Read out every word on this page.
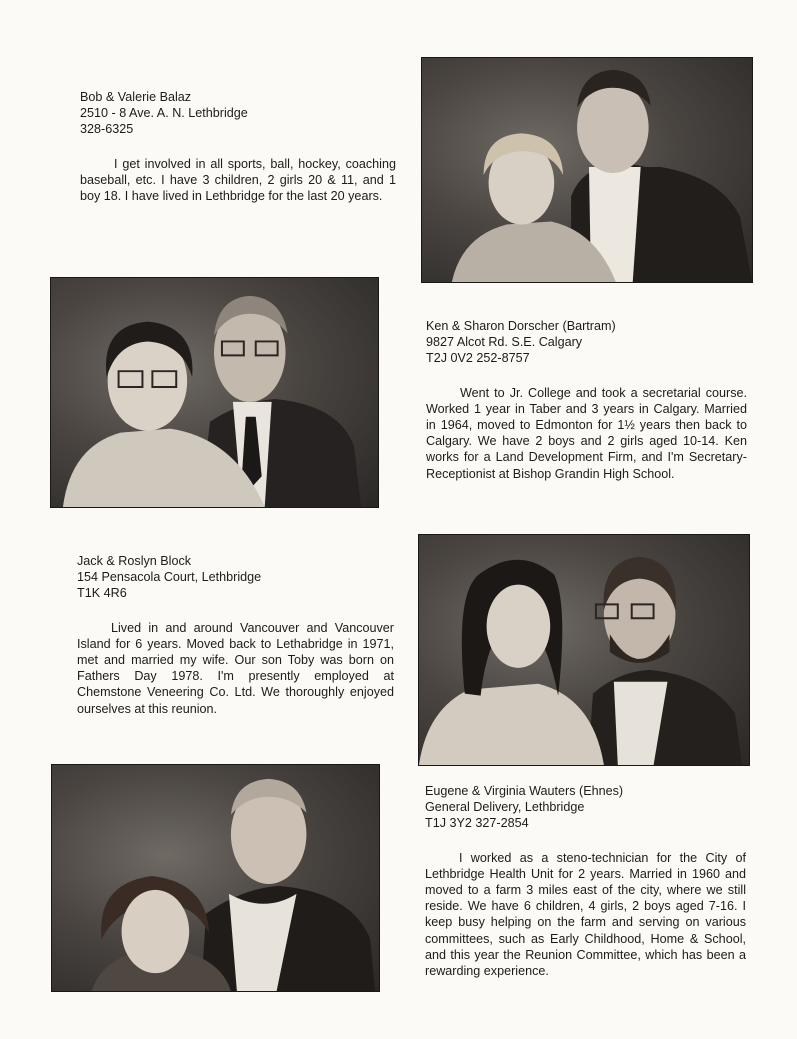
Bob & Valerie Balaz
2510 - 8 Ave. A. N. Lethbridge
328-6325

I get involved in all sports, ball, hockey, coaching baseball, etc. I have 3 children, 2 girls 20 & 11, and 1 boy 18. I have lived in Lethbridge for the last 20 years.

Ken & Sharon Dorscher (Bartram)
9827 Alcot Rd. S.E. Calgary
T2J 0V2 252-8757

Went to Jr. College and took a secretarial course. Worked 1 year in Taber and 3 years in Calgary. Married in 1964, moved to Edmonton for 1½ years then back to Calgary. We have 2 boys and 2 girls aged 10-14. Ken works for a Land Development Firm, and I'm Secretary-Receptionist at Bishop Grandin High School.

Jack & Roslyn Block
154 Pensacola Court, Lethbridge
T1K 4R6

Lived in and around Vancouver and Vancouver Island for 6 years. Moved back to Lethabridge in 1971, met and married my wife. Our son Toby was born on Fathers Day 1978. I'm presently employed at Chemstone Veneering Co. Ltd. We thoroughly enjoyed ourselves at this reunion.

Eugene & Virginia Wauters (Ehnes)
General Delivery, Lethbridge
T1J 3Y2 327-2854

I worked as a steno-technician for the City of Lethbridge Health Unit for 2 years. Married in 1960 and moved to a farm 3 miles east of the city, where we still reside. We have 6 children, 4 girls, 2 boys aged 7-16. I keep busy helping on the farm and serving on various committees, such as Early Childhood, Home & School, and this year the Reunion Committee, which has been a rewarding experience.
